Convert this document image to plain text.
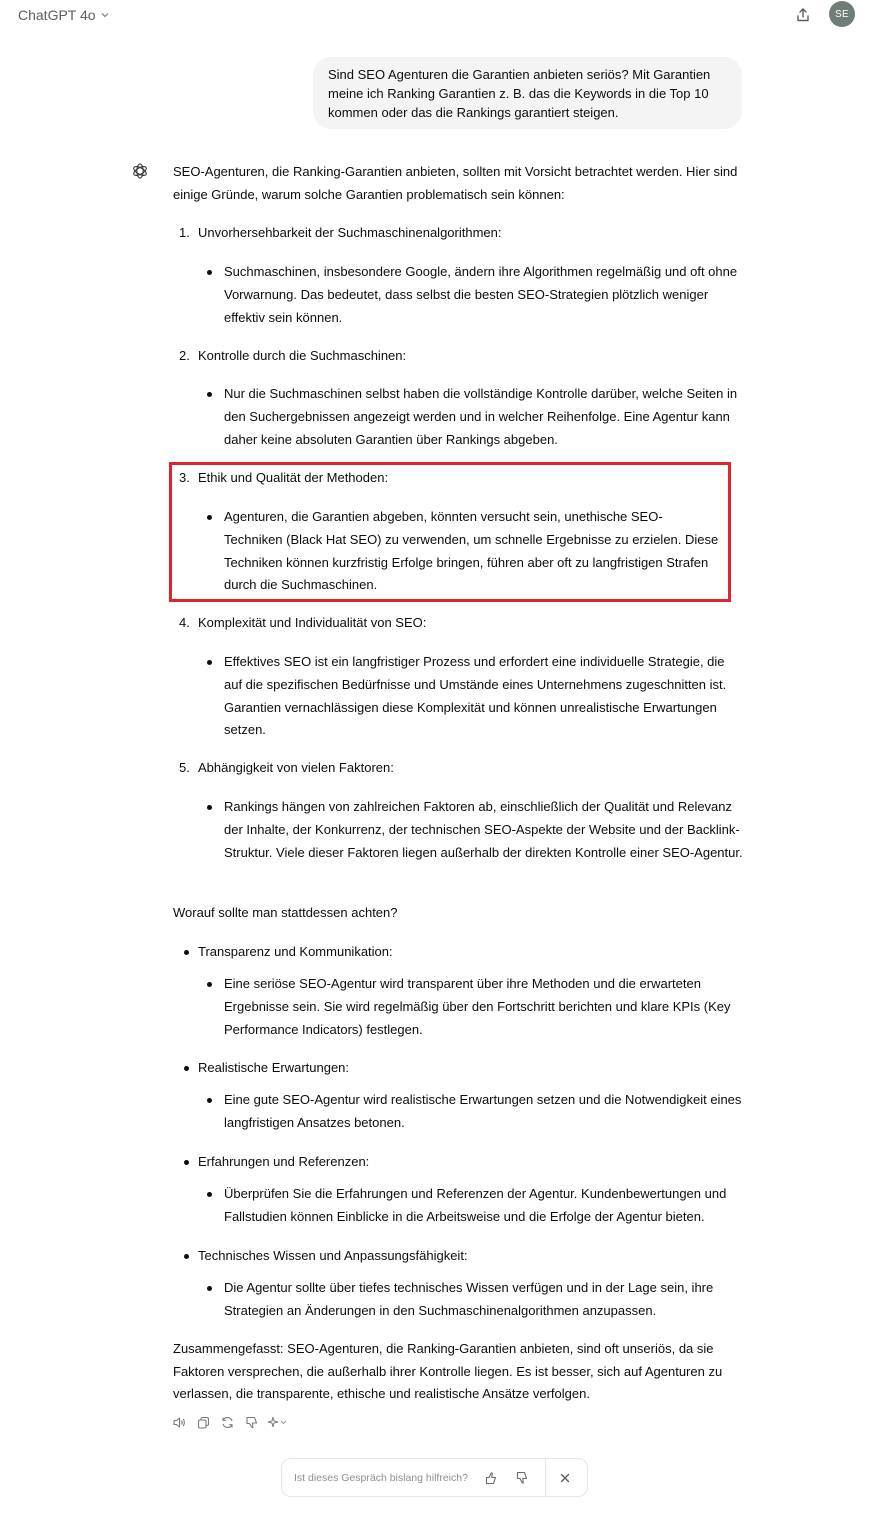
ChatGPT 4o	SE
Sind SEO Agenturen die Garantien anbieten seriös? Mit Garantien meine ich Ranking Garantien z. B. das die Keywords in die Top 10 kommen oder das die Rankings garantiert steigen.
SEO-Agenturen, die Ranking-Garantien anbieten, sollten mit Vorsicht betrachtet werden. Hier sind einige Gründe, warum solche Garantien problematisch sein können:
1. Unvorhersehbarkeit der Suchmaschinenalgorithmen:
Suchmaschinen, insbesondere Google, ändern ihre Algorithmen regelmäßig und oft ohne Vorwarnung. Das bedeutet, dass selbst die besten SEO-Strategien plötzlich weniger effektiv sein können.
2. Kontrolle durch die Suchmaschinen:
Nur die Suchmaschinen selbst haben die vollständige Kontrolle darüber, welche Seiten in den Suchergebnissen angezeigt werden und in welcher Reihenfolge. Eine Agentur kann daher keine absoluten Garantien über Rankings abgeben.
3. Ethik und Qualität der Methoden:
Agenturen, die Garantien abgeben, könnten versucht sein, unethische SEO-Techniken (Black Hat SEO) zu verwenden, um schnelle Ergebnisse zu erzielen. Diese Techniken können kurzfristig Erfolge bringen, führen aber oft zu langfristigen Strafen durch die Suchmaschinen.
4. Komplexität und Individualität von SEO:
Effektives SEO ist ein langfristiger Prozess und erfordert eine individuelle Strategie, die auf die spezifischen Bedürfnisse und Umstände eines Unternehmens zugeschnitten ist. Garantien vernachlässigen diese Komplexität und können unrealistische Erwartungen setzen.
5. Abhängigkeit von vielen Faktoren:
Rankings hängen von zahlreichen Faktoren ab, einschließlich der Qualität und Relevanz der Inhalte, der Konkurrenz, der technischen SEO-Aspekte der Website und der Backlink-Struktur. Viele dieser Faktoren liegen außerhalb der direkten Kontrolle einer SEO-Agentur.
Worauf sollte man stattdessen achten?
Transparenz und Kommunikation:
Eine seriöse SEO-Agentur wird transparent über ihre Methoden und die erwarteten Ergebnisse sein. Sie wird regelmäßig über den Fortschritt berichten und klare KPIs (Key Performance Indicators) festlegen.
Realistische Erwartungen:
Eine gute SEO-Agentur wird realistische Erwartungen setzen und die Notwendigkeit eines langfristigen Ansatzes betonen.
Erfahrungen und Referenzen:
Überprüfen Sie die Erfahrungen und Referenzen der Agentur. Kundenbewertungen und Fallstudien können Einblicke in die Arbeitsweise und die Erfolge der Agentur bieten.
Technisches Wissen und Anpassungsfähigkeit:
Die Agentur sollte über tiefes technisches Wissen verfügen und in der Lage sein, ihre Strategien an Änderungen in den Suchmaschinenalgorithmen anzupassen.
Zusammengefasst: SEO-Agenturen, die Ranking-Garantien anbieten, sind oft unseriös, da sie Faktoren versprechen, die außerhalb ihrer Kontrolle liegen. Es ist besser, sich auf Agenturen zu verlassen, die transparente, ethische und realistische Ansätze verfolgen.
Ist dieses Gespräch bislang hilfreich?
